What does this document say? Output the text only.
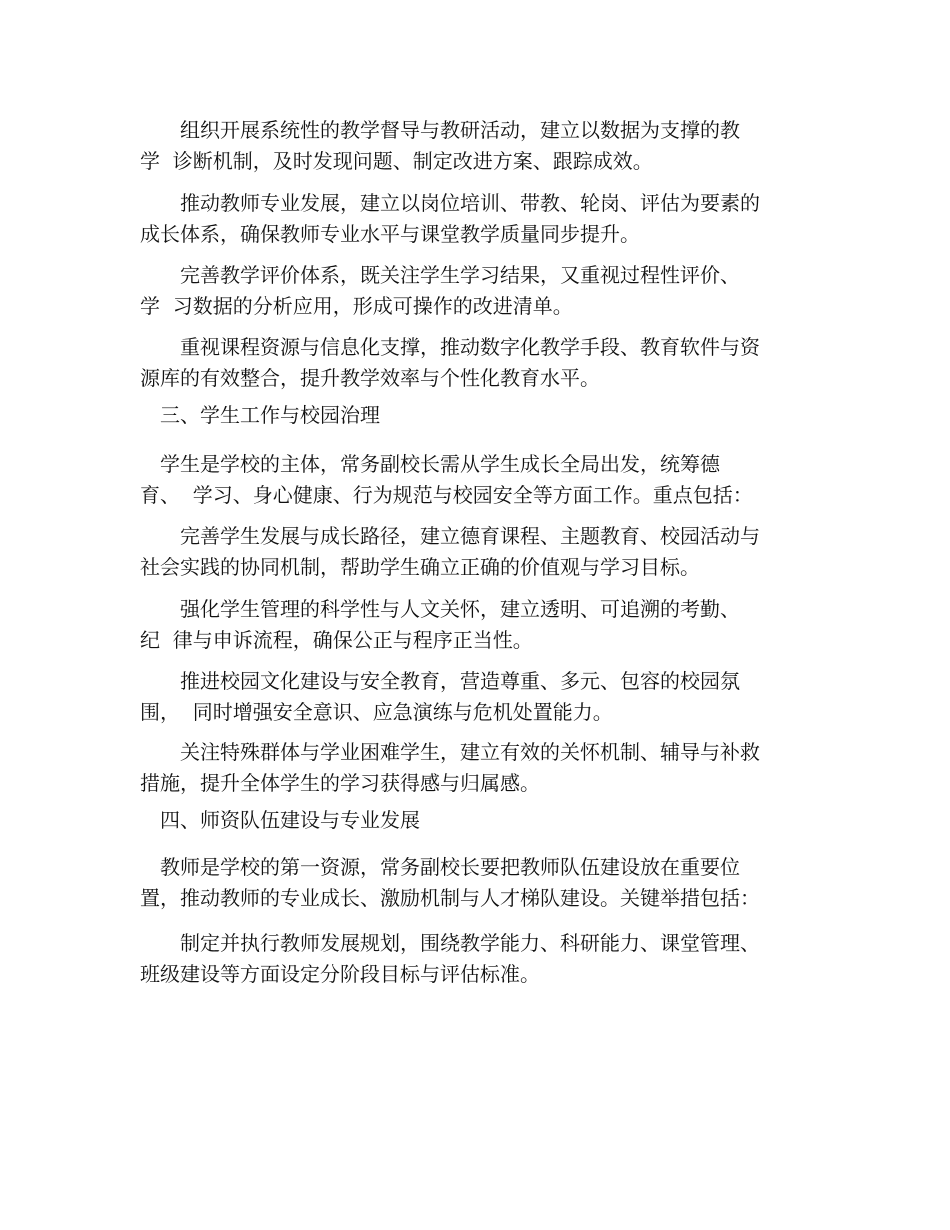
　　组织开展系统性的教学督导与教研活动，建立以数据为支撑的教
学  诊断机制，及时发现问题、制定改进方案、跟踪成效。

　　推动教师专业发展，建立以岗位培训、带教、轮岗、评估为要素的
成长体系，确保教师专业水平与课堂教学质量同步提升。

　　完善教学评价体系，既关注学生学习结果，又重视过程性评价、
学  习数据的分析应用，形成可操作的改进清单。

　　重视课程资源与信息化支撑，推动数字化教学手段、教育软件与资
源库的有效整合，提升教学效率与个性化教育水平。

　三、学生工作与校园治理

　学生是学校的主体，常务副校长需从学生成长全局出发，统筹德
育、  学习、身心健康、行为规范与校园安全等方面工作。重点包括：

　　完善学生发展与成长路径，建立德育课程、主题教育、校园活动与
社会实践的协同机制，帮助学生确立正确的价值观与学习目标。

　　强化学生管理的科学性与人文关怀，建立透明、可追溯的考勤、
纪  律与申诉流程，确保公正与程序正当性。

　　推进校园文化建设与安全教育，营造尊重、多元、包容的校园氛
围，  同时增强安全意识、应急演练与危机处置能力。

　　关注特殊群体与学业困难学生，建立有效的关怀机制、辅导与补救
措施，提升全体学生的学习获得感与归属感。

　四、师资队伍建设与专业发展

　教师是学校的第一资源，常务副校长要把教师队伍建设放在重要位
置，推动教师的专业成长、激励机制与人才梯队建设。关键举措包括：

　　制定并执行教师发展规划，围绕教学能力、科研能力、课堂管理、
班级建设等方面设定分阶段目标与评估标准。
